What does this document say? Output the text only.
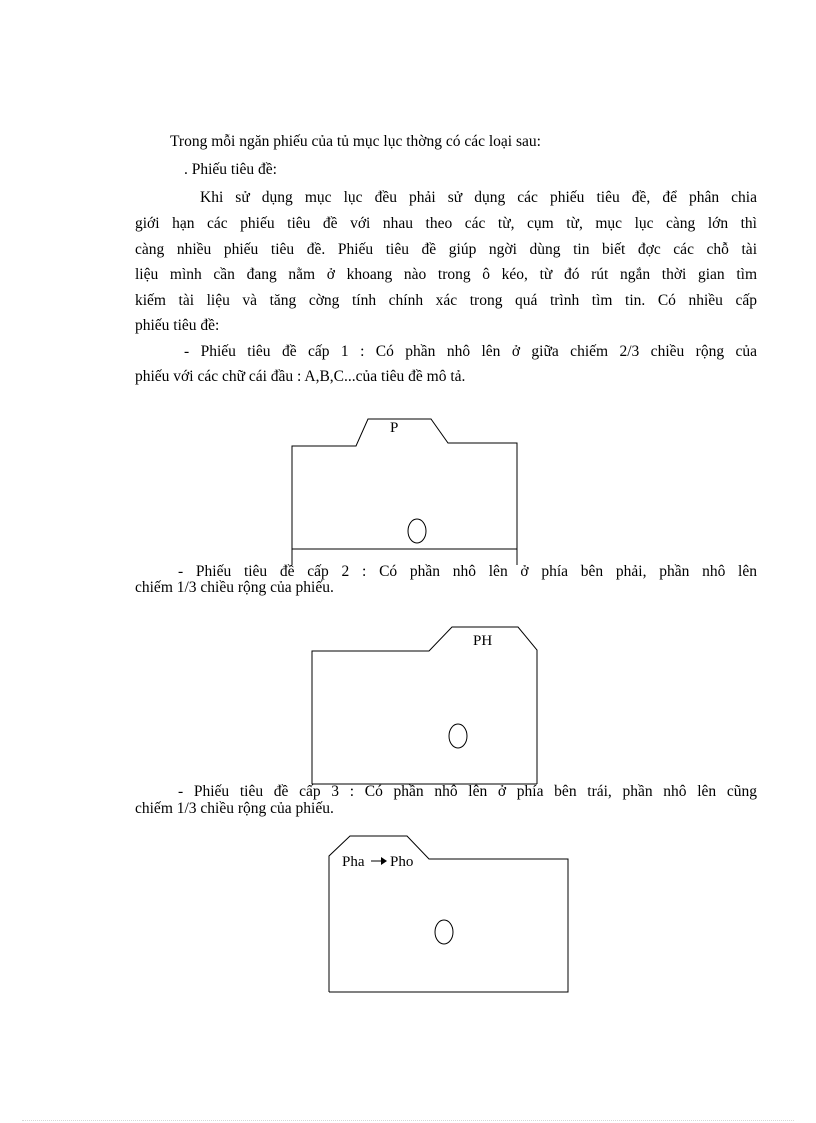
Trong mỗi ngăn phiếu của tủ mục lục thờng có các loại sau:
. Phiếu tiêu đề:
Khi sử dụng mục lục đều phải sử dụng các phiếu tiêu đề, để phân chia
giới hạn các phiếu tiêu đề với nhau theo các từ, cụm từ, mục lục càng lớn thì
càng nhiều phiếu tiêu đề. Phiếu tiêu đề giúp ngời dùng tin biết đợc các chỗ tài
liệu mình cần đang nằm ở khoang nào trong ô kéo, từ đó rút ngắn thời gian tìm
kiếm tài liệu và tăng cờng tính chính xác trong quá trình tìm tin. Có nhiều cấp
phiếu tiêu đề:
- Phiếu tiêu đề cấp 1 : Có phần nhô lên ở giữa chiếm 2/3 chiều rộng của
phiếu với các chữ cái đầu : A,B,C...của tiêu đề mô tả.
P
- Phiếu tiêu đề cấp 2 : Có phần nhô lên ở phía bên phải, phần nhô lên
chiếm 1/3 chiều rộng của phiếu.
PH
- Phiếu tiêu đề cấp 3 : Có phần nhô lên ở phía bên trái, phần nhô lên cũng
chiếm 1/3 chiều rộng của phiếu.
Pha Pho
